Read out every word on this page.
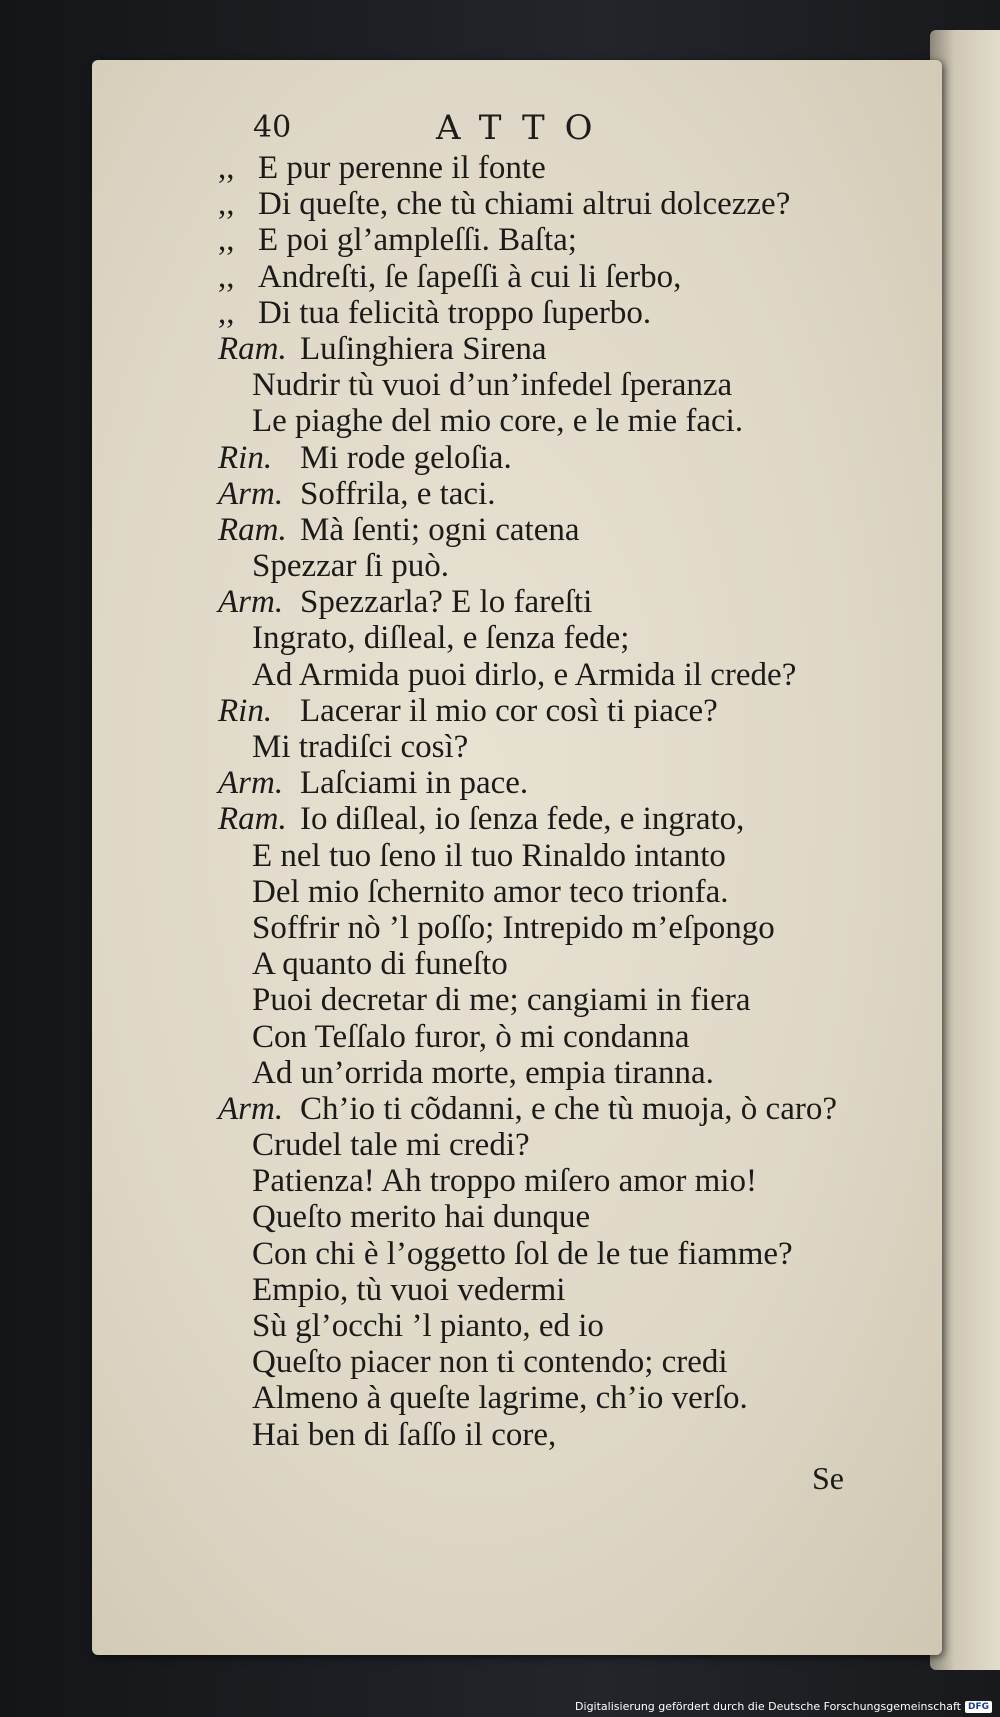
40	ATTO
,, E pur perenne il fonte
,, Di queſte, che tù chiami altrui dolcezze?
,, E poi gl’ampleſſi. Baſta;
,, Andreſti, ſe ſapeſſi à cui li ſerbo,
,, Di tua felicità troppo ſuperbo.
Ram. Luſinghiera Sirena
Nudrir tù vuoi d’un’infedel ſperanza
Le piaghe del mio core, e le mie faci.
Rin. Mi rode geloſia.
Arm. Soffrila, e taci.
Ram. Mà ſenti; ogni catena
Spezzar ſi può.
Arm. Spezzarla? E lo fareſti
Ingrato, diſleal, e ſenza fede;
Ad Armida puoi dirlo, e Armida il crede?
Rin. Lacerar il mio cor così ti piace?
Mi tradiſci così?
Arm. Laſciami in pace.
Ram. Io diſleal, io ſenza fede, e ingrato,
E nel tuo ſeno il tuo Rinaldo intanto
Del mio ſchernito amor teco trionfa.
Soffrir nò ’l poſſo; Intrepido m’eſpongo
A quanto di funeſto
Puoi decretar di me; cangiami in fiera
Con Teſſalo furor, ò mi condanna
Ad un’orrida morte, empia tiranna.
Arm. Ch’io ti cõdanni, e che tù muoja, ò caro?
Crudel tale mi credi?
Patienza! Ah troppo miſero amor mio!
Queſto merito hai dunque
Con chi è l’oggetto ſol de le tue fiamme?
Empio, tù vuoi vedermi
Sù gl’occhi ’l pianto, ed io
Queſto piacer non ti contendo; credi
Almeno à queſte lagrime, ch’io verſo.
Hai ben di ſaſſo il core,
Se
Digitalisierung gefördert durch die Deutsche Forschungsgemeinschaft DFG
